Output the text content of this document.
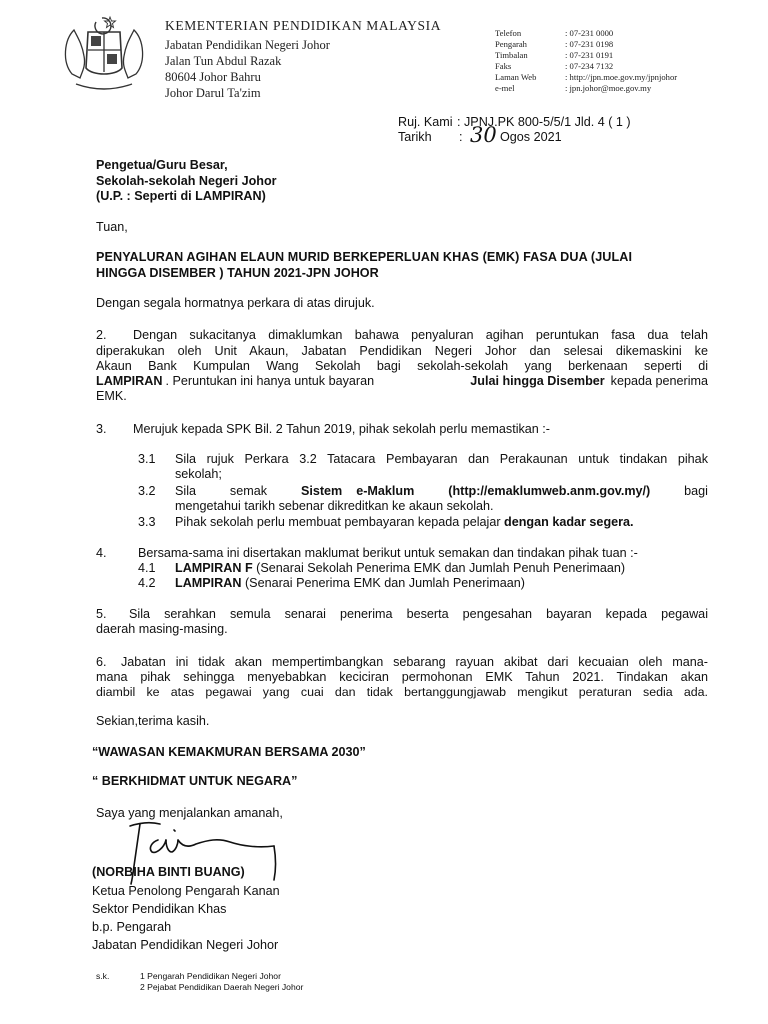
KEMENTERIAN PENDIDIKAN MALAYSIA
Jabatan Pendidikan Negeri Johor
Jalan Tun Abdul Razak
80604 Johor Bahru
Johor Darul Ta'zim
Telefon	: 07-231 0000
Pengarah	: 07-231 0198
Timbalan	: 07-231 0191
Faks	: 07-234 7132
Laman Web	: http://jpn.moe.gov.my/jpnjohor
e-mel	: jpn.johor@moe.gov.my
Ruj. Kami : JPNJ.PK 800-5/5/1 Jld. 4 ( 1 )
Tarikh : 30 Ogos 2021
Pengetua/Guru Besar,
Sekolah-sekolah Negeri Johor
(U.P. : Seperti di LAMPIRAN)
Tuan,
PENYALURAN AGIHAN ELAUN MURID BERKEPERLUAN KHAS (EMK) FASA DUA (JULAI
HINGGA DISEMBER ) TAHUN 2021-JPN JOHOR
Dengan segala hormatnya perkara di atas dirujuk.
2. Dengan sukacitanya dimaklumkan bahawa penyaluran agihan peruntukan fasa dua telah
diperakukan oleh Unit Akaun, Jabatan Pendidikan Negeri Johor dan selesai dikemaskini ke
Akaun Bank Kumpulan Wang Sekolah bagi sekolah-sekolah yang berkenaan seperti di
LAMPIRAN . Peruntukan ini hanya untuk bayaran	Julai hingga Disember kepada penerima
EMK.
3. Merujuk kepada SPK Bil. 2 Tahun 2019, pihak sekolah perlu memastikan :-
3.1 Sila rujuk Perkara 3.2 Tatacara Pembayaran dan Perakaunan untuk tindakan pihak
sekolah;
3.2 Sila	semak	Sistem    e-Maklum	(http://emaklumweb.anm.gov.my/)	bagi
mengetahui tarikh sebenar dikreditkan ke akaun sekolah.
3.3 Pihak sekolah perlu membuat pembayaran kepada pelajar dengan kadar segera.
4. Bersama-sama ini disertakan maklumat berikut untuk semakan dan tindakan pihak tuan :-
4.1 LAMPIRAN F (Senarai Sekolah Penerima EMK dan Jumlah Penuh Penerimaan)
4.2 LAMPIRAN (Senarai Penerima EMK dan Jumlah Penerimaan)
5. Sila serahkan semula senarai penerima beserta pengesahan bayaran kepada pegawai
daerah masing-masing.
6. Jabatan ini tidak akan mempertimbangkan sebarang rayuan akibat dari kecuaian oleh mana-
mana pihak sehingga menyebabkan keciciran permohonan EMK Tahun 2021. Tindakan akan
diambil ke atas pegawai yang cuai dan tidak bertanggungjawab mengikut peraturan sedia ada.
Sekian,terima kasih.
“WAWASAN KEMAKMURAN BERSAMA 2030”
“ BERKHIDMAT UNTUK NEGARA”
Saya yang menjalankan amanah,
(NORBIHA BINTI BUANG)
Ketua Penolong Pengarah Kanan
Sektor Pendidikan Khas
b.p. Pengarah
Jabatan Pendidikan Negeri Johor
s.k.	1 Pengarah Pendidikan Negeri Johor
2 Pejabat Pendidikan Daerah Negeri Johor
